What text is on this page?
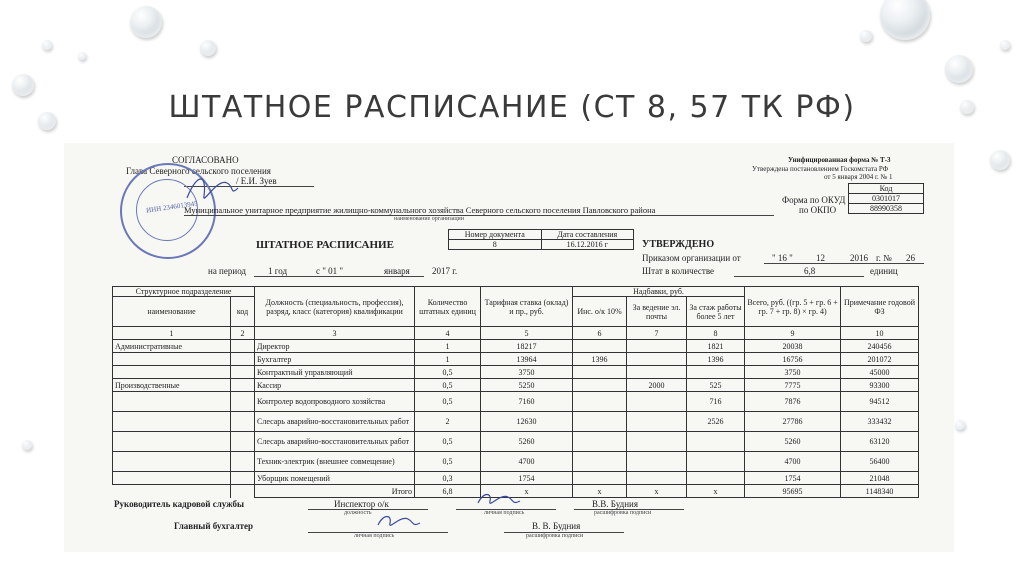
ШТАТНОЕ РАСПИСАНИЕ (СТ 8, 57 ТК РФ)
СОГЛАСОВАНО
Глава Северного сельского поселения
/ Е.И. Зуев
ИНН 2346013945
Унифицированная форма № Т-3
Утверждена постановлением Госкомстата РФ
от 5 января 2004 г. № 1
Код
0301017
88990358
Форма по ОКУД
по ОКПО
Муниципальное унитарное предприятие жилищно-коммунального хозяйства Северного сельского поселения Павловского района
наименование организации
ШТАТНОЕ РАСПИСАНИЕ
Номер документа	Дата составления
8	16.12.2016 г	УТВЕРЖДЕНО
Приказом организации от	" 16 "	12	2016 г. № 26
Штат в количестве	6,8	единиц
на период 1 год	с " 01 "	января 2017 г.
Структурное подразделение		Должность (специальность, профессия), разряд, класс (категория) квалификации	Количество штатных единиц	Тарифная ставка (оклад) и пр., руб.	Надбавки, руб.			Всего, руб. ((гр. 5 + гр. 6 + гр. 7 + гр. 8) × гр. 4)	Примечание годовой ФЗ
наименование	код				Инс. о/к 10%	За ведение эл. почты	За стаж работы более 5 лет		
1	2	3	4	5	6	7	8	9	10
Административные		Директор	1	18217			1821	20038	240456
		Бухгалтер	1	13964	1396		1396	16756	201072
		Контрактный управляющий	0,5	3750				3750	45000
Производственные		Кассир	0,5	5250		2000	525	7775	93300
		Контролер водопроводного хозяйства	0,5	7160			716	7876	94512
		Слесарь аварийно-восстановительных работ	2	12630			2526	27786	333432
		Слесарь аварийно-восстановительных работ	0,5	5260				5260	63120
		Техник-электрик (внешнее совмещение)	0,5	4700				4700	56400
		Уборщик помещений	0,3	1754				1754	21048
		Итого	6,8	x	x	x	x	95695	1148340
Руководитель кадровой службы	Инспектор о/к
должность	личная подпись
В.В. Будния
расшифровка подписи
Главный бухгалтер
личная подпись
В. В. Будния
расшифровка подписи
